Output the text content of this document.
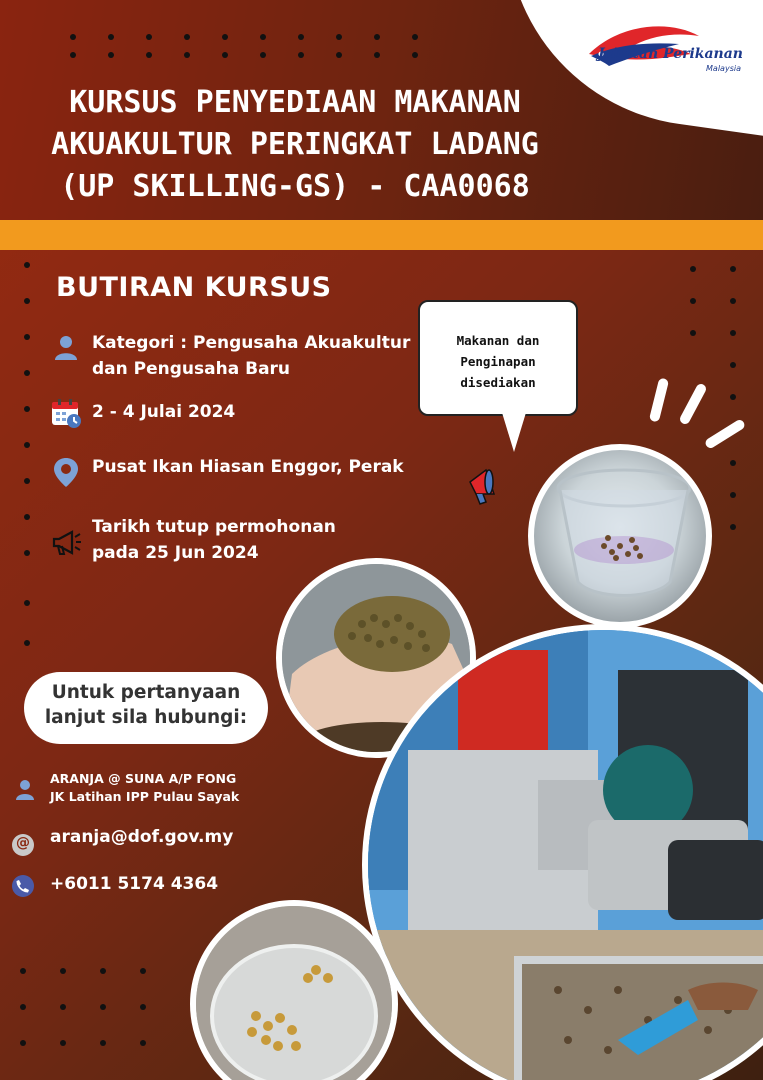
Jabatan Perikanan
Malaysia
KURSUS PENYEDIAAN MAKANAN
AKUAKULTUR PERINGKAT LADANG
(UP SKILLING-GS) - CAA0068
BUTIRAN KURSUS
Kategori : Pengusaha Akuakultur
dan Pengusaha Baru
2 - 4 Julai 2024
Pusat Ikan Hiasan Enggor, Perak
Tarikh tutup permohonan
pada 25 Jun 2024
Makanan dan
Penginapan
disediakan
Untuk pertanyaan
lanjut sila hubungi:
ARANJA @ SUNA A/P FONG
JK Latihan IPP Pulau Sayak
@ aranja@dof.gov.my
+6011 5174 4364
